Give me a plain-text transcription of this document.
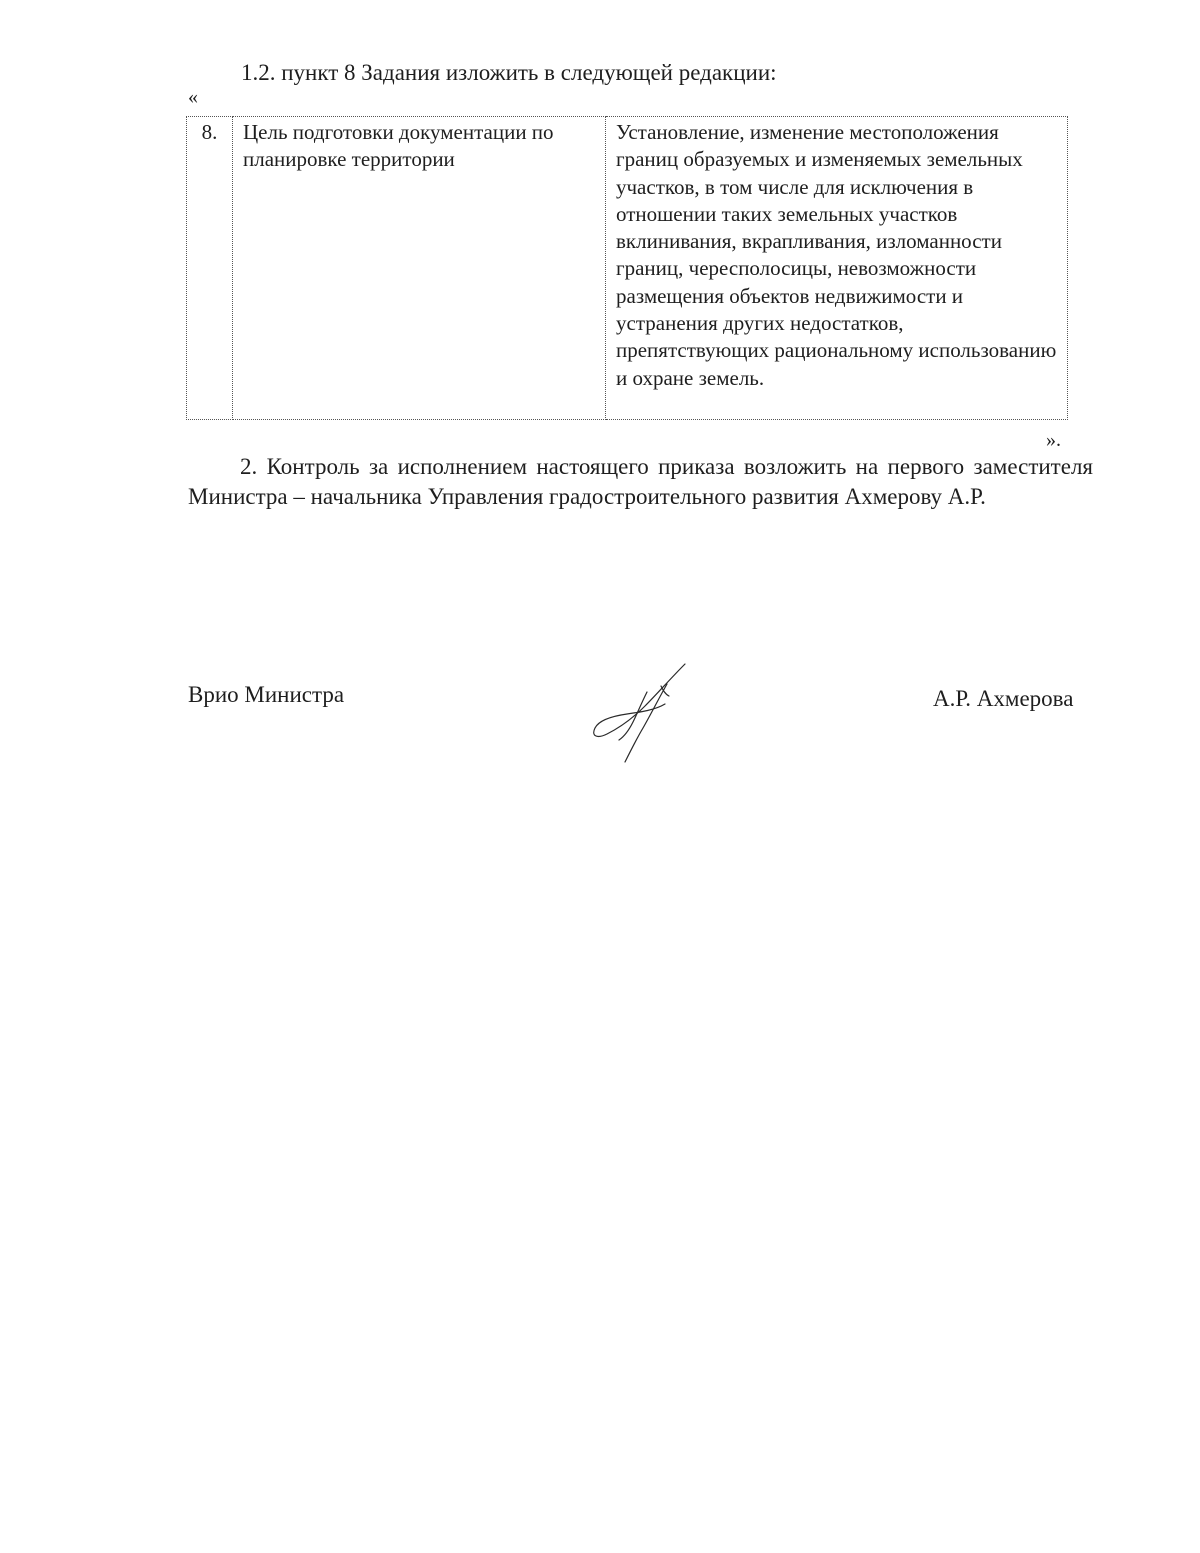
1.2. пункт 8 Задания изложить в следующей редакции:
«
8.	Цель подготовки документации по планировке территории	Установление, изменение местоположения границ образуемых и изменяемых земельных участков, в том числе для исключения в отношении таких земельных участков вклинивания, вкрапливания, изломанности границ, чересполосицы, невозможности размещения объектов недвижимости и устранения других недостатков, препятствующих рациональному использованию и охране земель.
».
2. Контроль за исполнением настоящего приказа возложить на первого заместителя Министра – начальника Управления градостроительного развития Ахмерову А.Р.
Врио Министра	А.Р. Ахмерова
